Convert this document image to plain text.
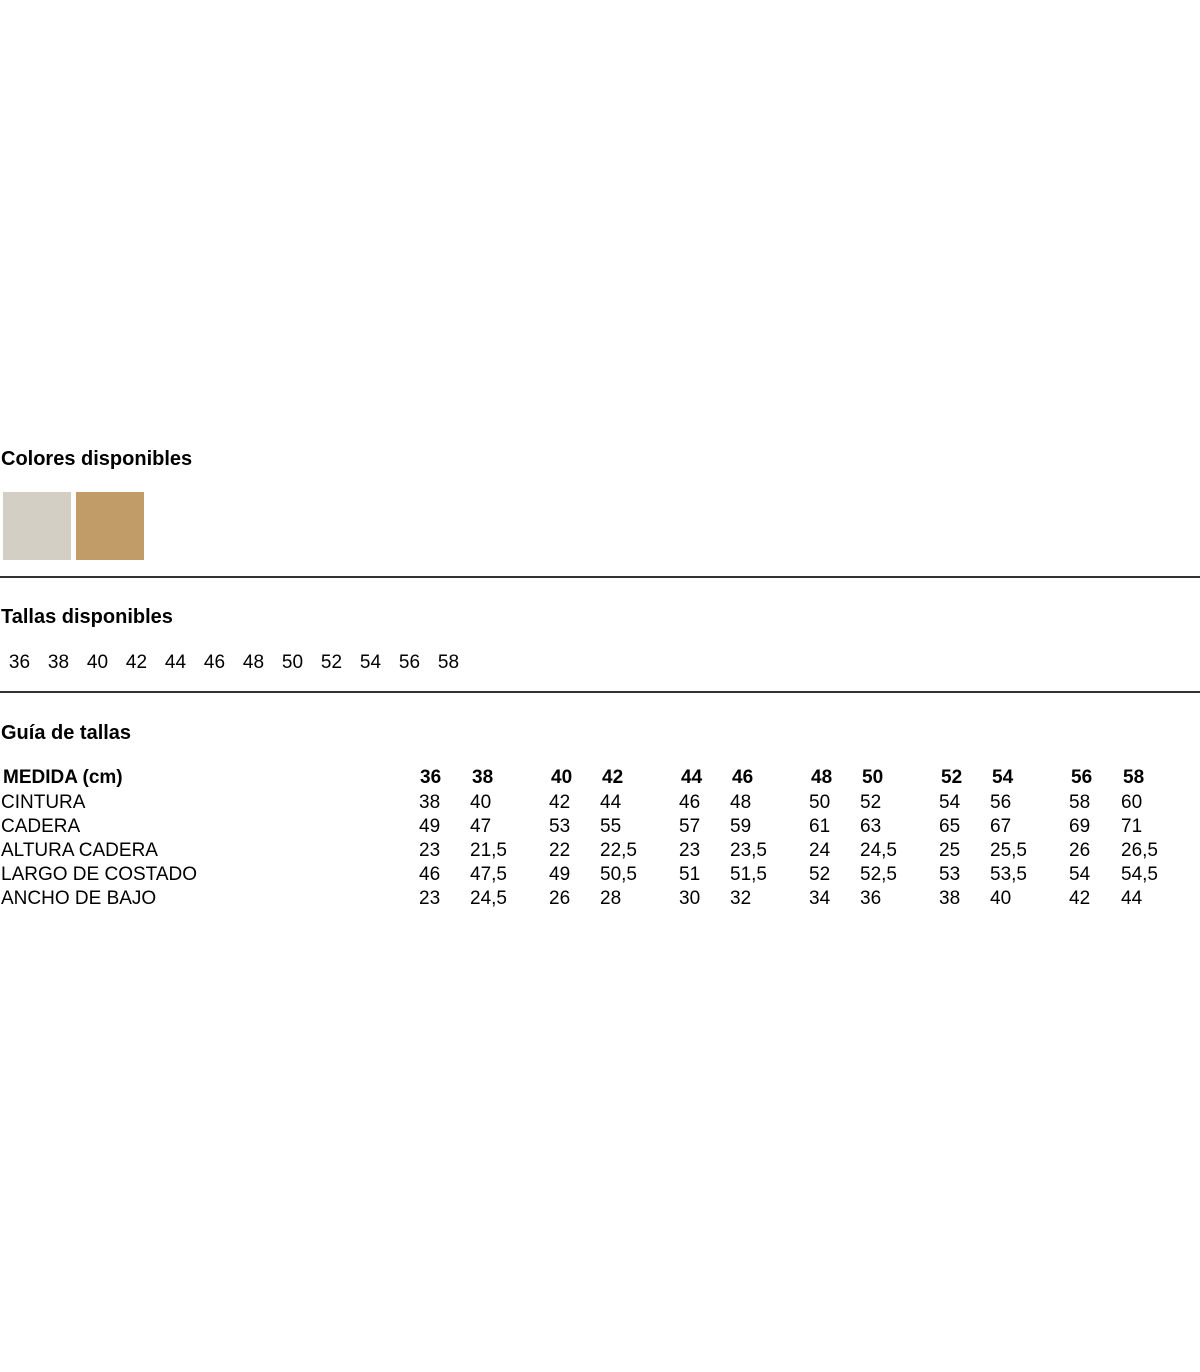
Colores disponibles
Tallas disponibles
36 38 40 42 44 46 48 50 52 54 56 58
Guía de tallas
MEDIDA (cm)	36 38	40 42	44 46	48 50	52 54	56 58
CINTURA	38 40	42 44	46 48	50 52	54 56	58 60
CADERA	49 47	53 55	57 59	61 63	65 67	69 71
ALTURA CADERA	23 21,5 22 22,5 23 23,5 24 24,5 25 25,5 26 26,5
LARGO DE COSTADO	46 47,5 49 50,5 51 51,5 52 52,5 53 53,5 54 54,5
ANCHO DE BAJO	23 24,5 26 28	30 32	34 36	38 40	42 44
